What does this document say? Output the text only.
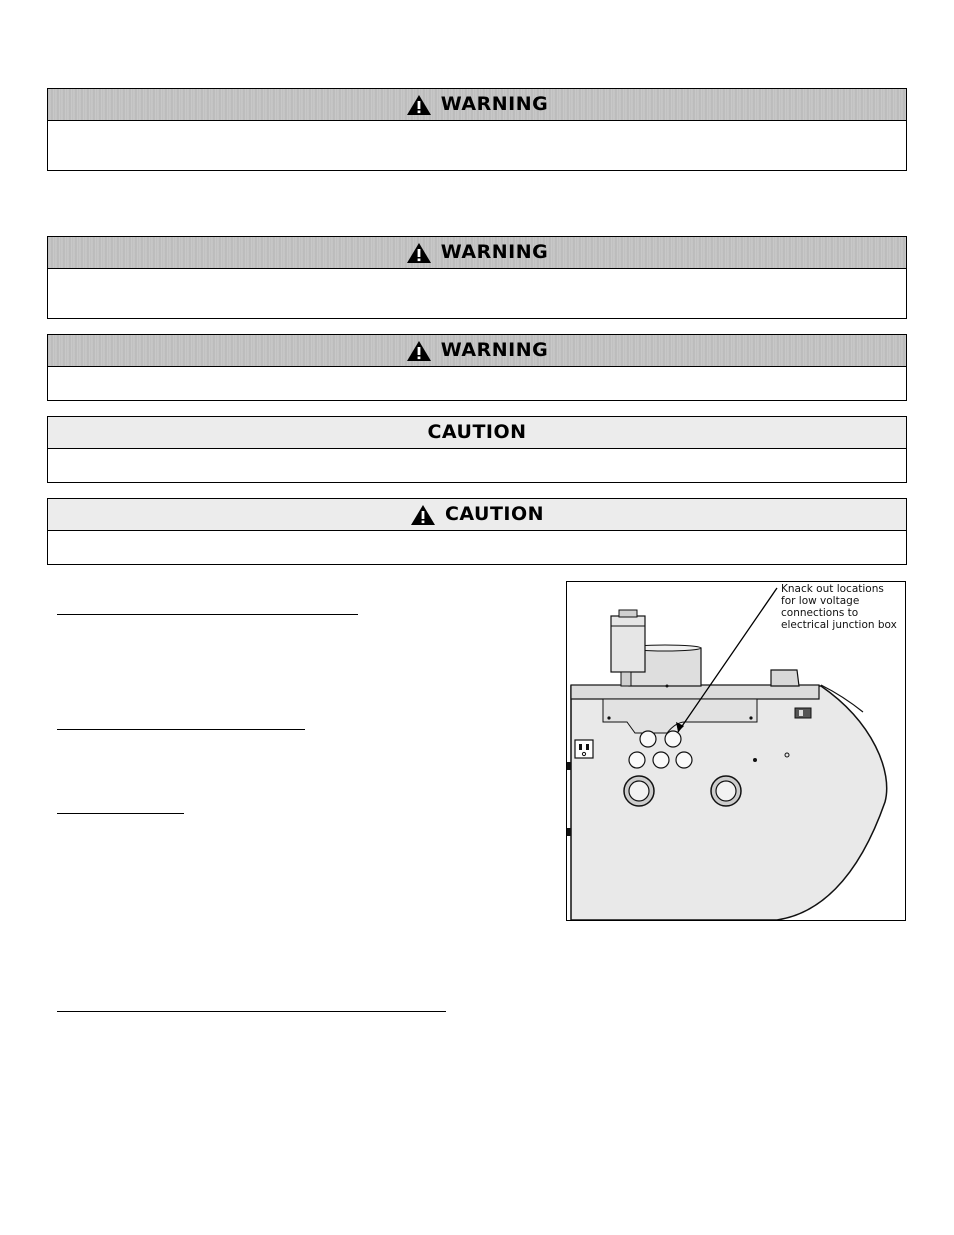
WARNING
WARNING
WARNING
CAUTION
CAUTION
Knack out locations
for low voltage
connections to
electrical junction box
